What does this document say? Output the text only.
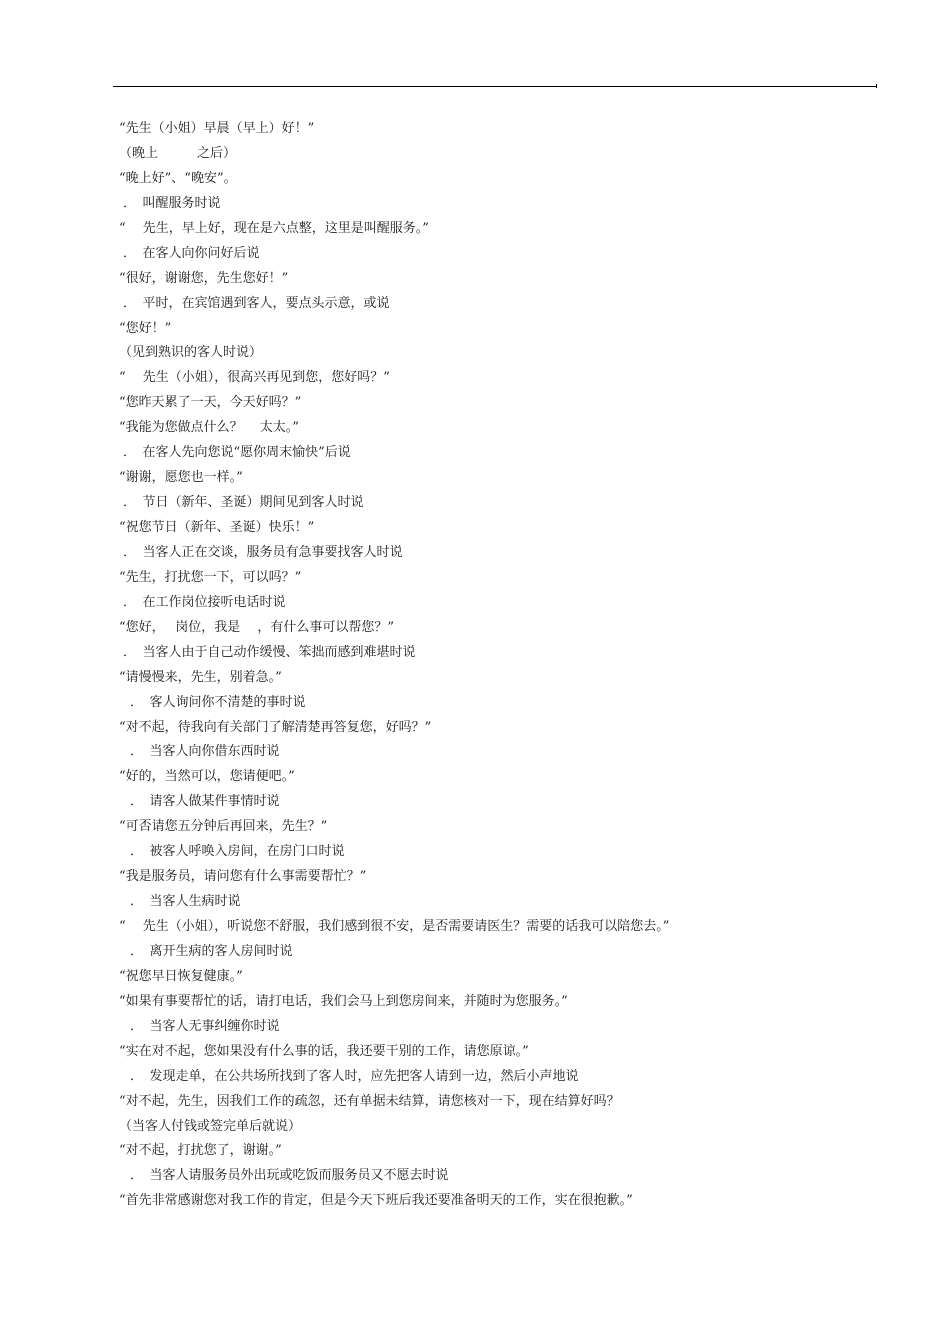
“先生（小姐）早晨（早上）好！”
（晚上　　　之后）
“晚上好”、“晚安”。
．　叫醒服务时说
“　 先生，早上好，现在是六点整，这里是叫醒服务。”
．　在客人向你问好后说
“很好，谢谢您，先生您好！”
．　平时，在宾馆遇到客人，要点头示意，或说
“您好！”
（见到熟识的客人时说）
“　 先生（小姐），很高兴再见到您，您好吗？”
“您昨天累了一天，今天好吗？”
“我能为您做点什么？　 太太。”
．　在客人先向您说“愿你周末愉快”后说
“谢谢，愿您也一样。”
．　节日（新年、圣诞）期间见到客人时说
“祝您节日（新年、圣诞）快乐！”
．　当客人正在交谈，服务员有急事要找客人时说
“先生，打扰您一下，可以吗？”
．　在工作岗位接听电话时说
“您好，　 岗位，我是　 ，有什么事可以帮您？”
．　当客人由于自己动作缓慢、笨拙而感到难堪时说
“请慢慢来，先生，别着急。”
．　客人询问你不清楚的事时说
“对不起，待我向有关部门了解清楚再答复您，好吗？”
．　当客人向你借东西时说
“好的，当然可以，您请便吧。”
．　请客人做某件事情时说
“可否请您五分钟后再回来，先生？”
．　被客人呼唤入房间，在房门口时说
“我是服务员，请问您有什么事需要帮忙？”
．　当客人生病时说
“　 先生（小姐），听说您不舒服，我们感到很不安，是否需要请医生？需要的话我可以陪您去。”
．　离开生病的客人房间时说
“祝您早日恢复健康。”
“如果有事要帮忙的话，请打电话，我们会马上到您房间来，并随时为您服务。”
．　当客人无事纠缠你时说
“实在对不起，您如果没有什么事的话，我还要干别的工作，请您原谅。”
．　发现走单，在公共场所找到了客人时，应先把客人请到一边，然后小声地说
“对不起，先生，因我们工作的疏忽，还有单据未结算，请您核对一下，现在结算好吗？
（当客人付钱或签完单后就说）
“对不起，打扰您了，谢谢。”
．　当客人请服务员外出玩或吃饭而服务员又不愿去时说
“首先非常感谢您对我工作的肯定，但是今天下班后我还要准备明天的工作，实在很抱歉。”
